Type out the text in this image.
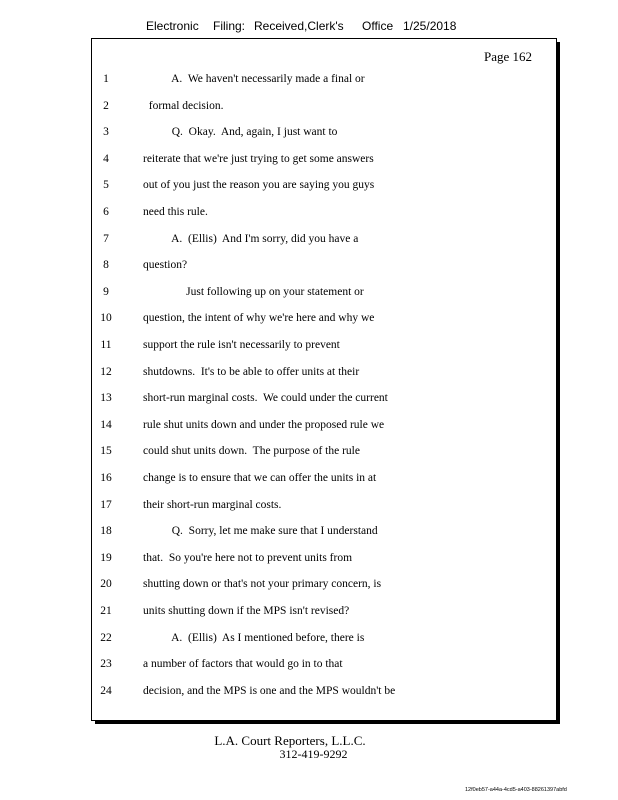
Electronic Filing: Received,Clerk's Office 1/25/2018
Page 162
1	A.  We haven't necessarily made a final or
2	formal decision.
3	Q.  Okay.  And, again, I just want to
4	reiterate that we're just trying to get some answers
5	out of you just the reason you are saying you guys
6	need this rule.
7	A.  (Ellis)  And I'm sorry, did you have a
8	question?
9	Just following up on your statement or
10	question, the intent of why we're here and why we
11	support the rule isn't necessarily to prevent
12	shutdowns.  It's to be able to offer units at their
13	short-run marginal costs.  We could under the current
14	rule shut units down and under the proposed rule we
15	could shut units down.  The purpose of the rule
16	change is to ensure that we can offer the units in at
17	their short-run marginal costs.
18	Q.  Sorry, let me make sure that I understand
19	that.  So you're here not to prevent units from
20	shutting down or that's not your primary concern, is
21	units shutting down if the MPS isn't revised?
22	A.  (Ellis)  As I mentioned before, there is
23	a number of factors that would go in to that
24	decision, and the MPS is one and the MPS wouldn't be
L.A. Court Reporters, L.L.C.
312-419-9292
12f0eb57-a44a-4cd5-a403-88261397abfd
